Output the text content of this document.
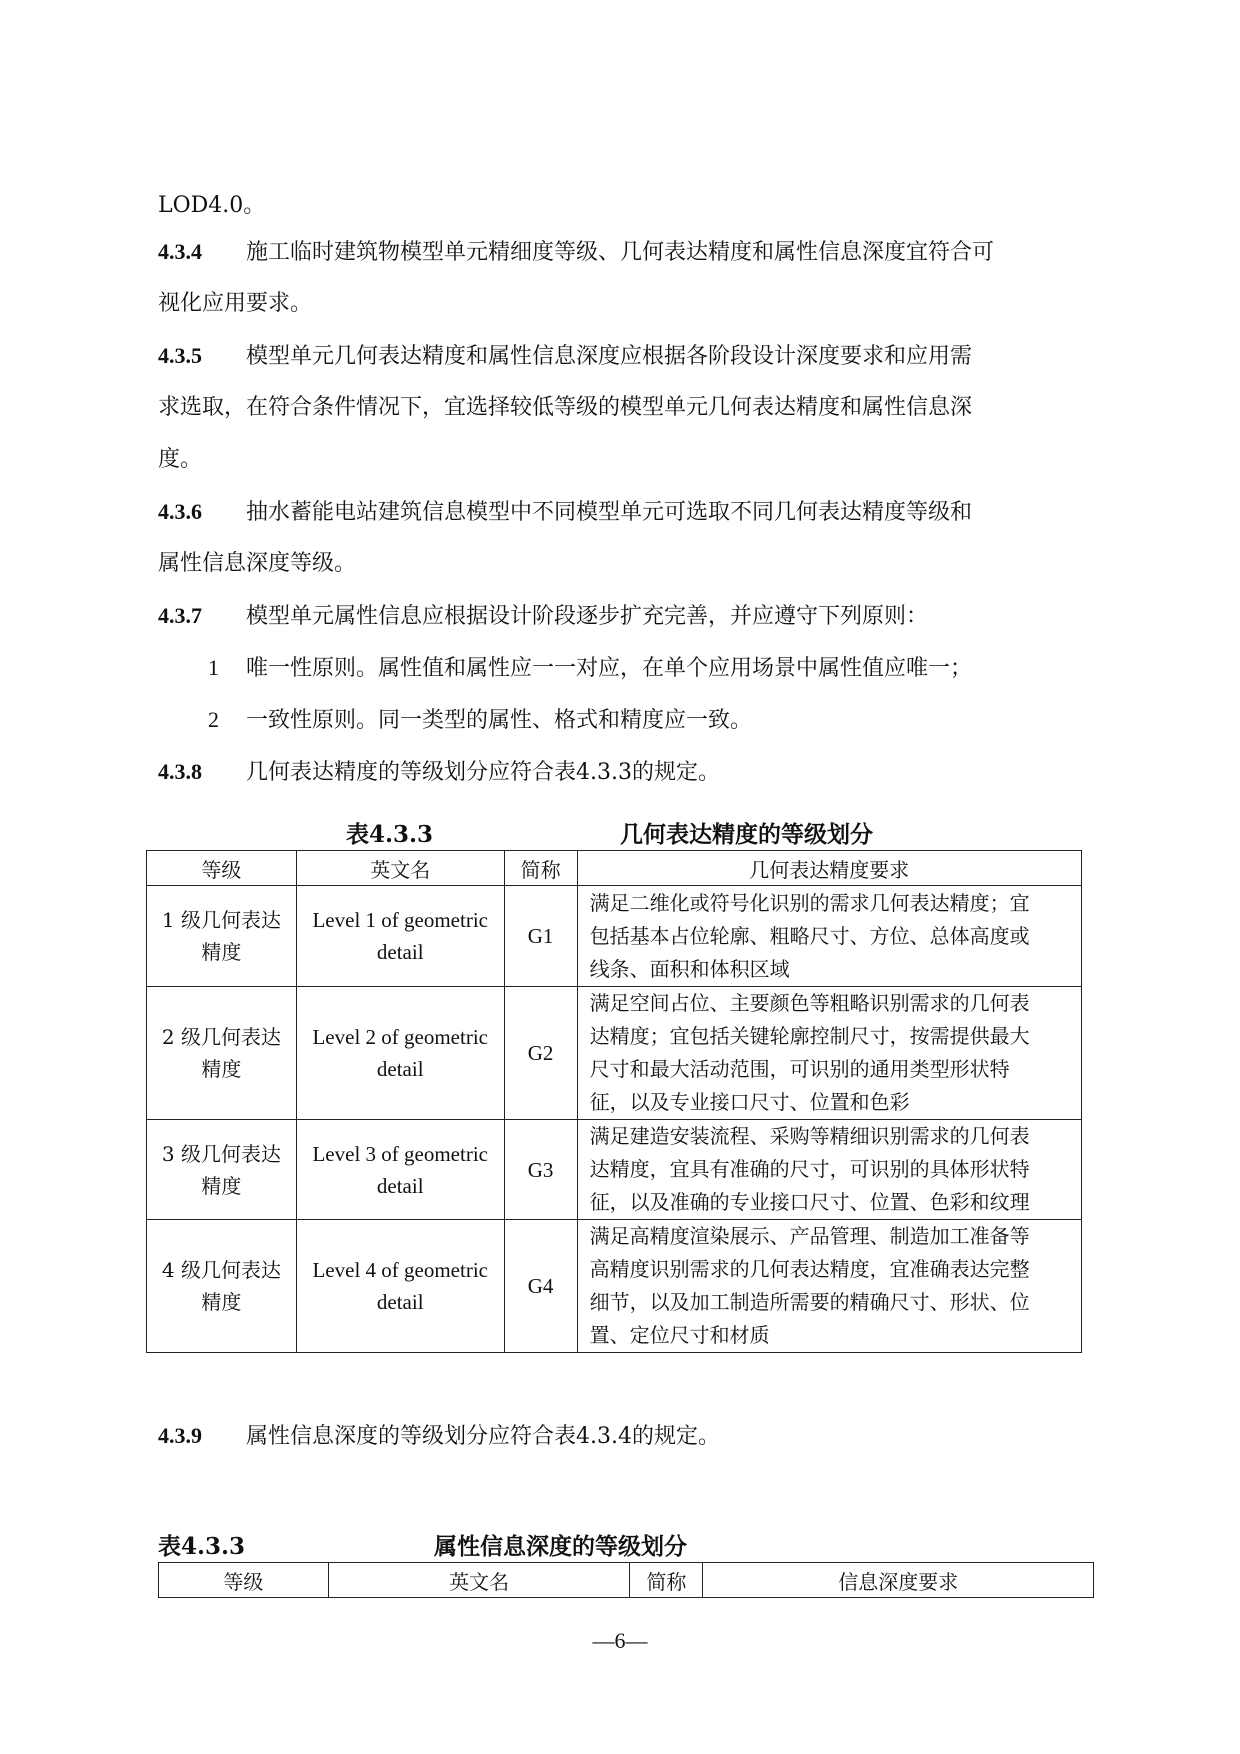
LOD4.0。
4.3.4 施工临时建筑物模型单元精细度等级、几何表达精度和属性信息深度宜符合可
视化应用要求。
4.3.5 模型单元几何表达精度和属性信息深度应根据各阶段设计深度要求和应用需
求选取，在符合条件情况下，宜选择较低等级的模型单元几何表达精度和属性信息深
度。
4.3.6 抽水蓄能电站建筑信息模型中不同模型单元可选取不同几何表达精度等级和
属性信息深度等级。
4.3.7 模型单元属性信息应根据设计阶段逐步扩充完善，并应遵守下列原则：
1 唯一性原则。属性值和属性应一一对应，在单个应用场景中属性值应唯一；
2 一致性原则。同一类型的属性、格式和精度应一致。
4.3.8 几何表达精度的等级划分应符合表4.3.3的规定。
表4.3.3	几何表达精度的等级划分
等级	英文名	简称	几何表达精度要求
1 级几何表达
精度	Level 1 of geometric
detail	G1	满足二维化或符号化识别的需求几何表达精度；宜
包括基本占位轮廓、粗略尺寸、方位、总体高度或
线条、面积和体积区域
2 级几何表达
精度	Level 2 of geometric
detail	G2	满足空间占位、主要颜色等粗略识别需求的几何表
达精度；宜包括关键轮廓控制尺寸，按需提供最大
尺寸和最大活动范围，可识别的通用类型形状特
征，以及专业接口尺寸、位置和色彩
3 级几何表达
精度	Level 3 of geometric
detail	G3	满足建造安装流程、采购等精细识别需求的几何表
达精度，宜具有准确的尺寸，可识别的具体形状特
征，以及准确的专业接口尺寸、位置、色彩和纹理
4 级几何表达
精度	Level 4 of geometric
detail	G4	满足高精度渲染展示、产品管理、制造加工准备等
高精度识别需求的几何表达精度，宜准确表达完整
细节，以及加工制造所需要的精确尺寸、形状、位
置、定位尺寸和材质
4.3.9 属性信息深度的等级划分应符合表4.3.4的规定。
表4.3.3	属性信息深度的等级划分
等级	英文名	简称	信息深度要求
—6—
